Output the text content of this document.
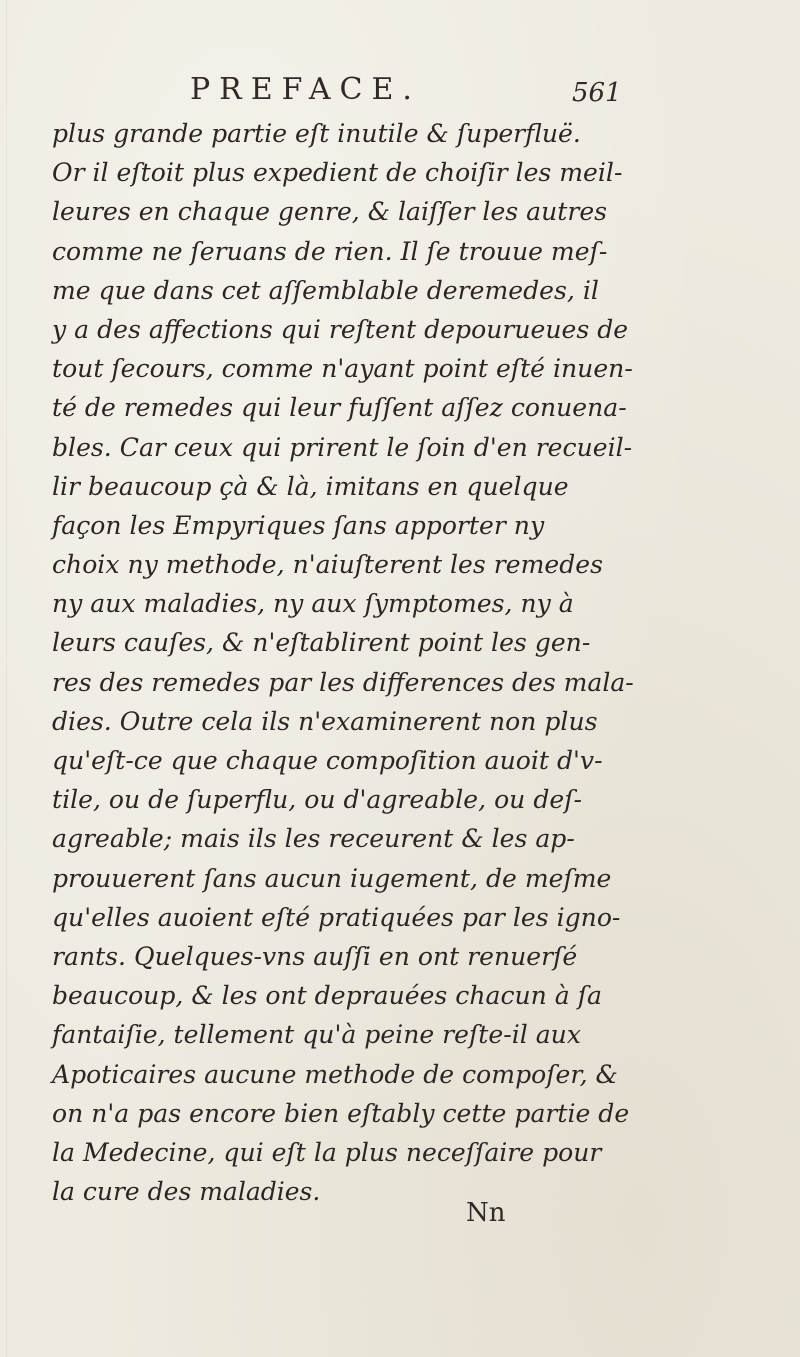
PREFACE.	561
plus grande partie eſt inutile & ſuperfluë.
Or il eſtoit plus expedient de choiſir les meil-
leures en chaque genre, & laiſſer les autres
comme ne ſeruans de rien. Il ſe trouue meſ-
me que dans cet aſſemblable deremedes, il
y a des affections qui reſtent depourueues de
tout ſecours, comme n'ayant point eſté inuen-
té de remedes qui leur fuſſent aſſez conuena-
bles. Car ceux qui prirent le ſoin d'en recueil-
lir beaucoup çà & là, imitans en quelque
façon les Empyriques ſans apporter ny
choix ny methode, n'aiuſterent les remedes
ny aux maladies, ny aux ſymptomes, ny à
leurs cauſes, & n'eſtablirent point les gen-
res des remedes par les differences des mala-
dies. Outre cela ils n'examinerent non plus
qu'eſt-ce que chaque compoſition auoit d'v-
tile, ou de ſuperflu, ou d'agreable, ou deſ-
agreable; mais ils les receurent & les ap-
prouuerent ſans aucun iugement, de meſme
qu'elles auoient eſté pratiquées par les igno-
rants. Quelques-vns auſſi en ont renuerſé
beaucoup, & les ont deprauées chacun à ſa
fantaiſie, tellement qu'à peine reſte-il aux
Apoticaires aucune methode de compoſer, &
on n'a pas encore bien eſtably cette partie de
la Medecine, qui eſt la plus neceſſaire pour
la cure des maladies.
Nn
